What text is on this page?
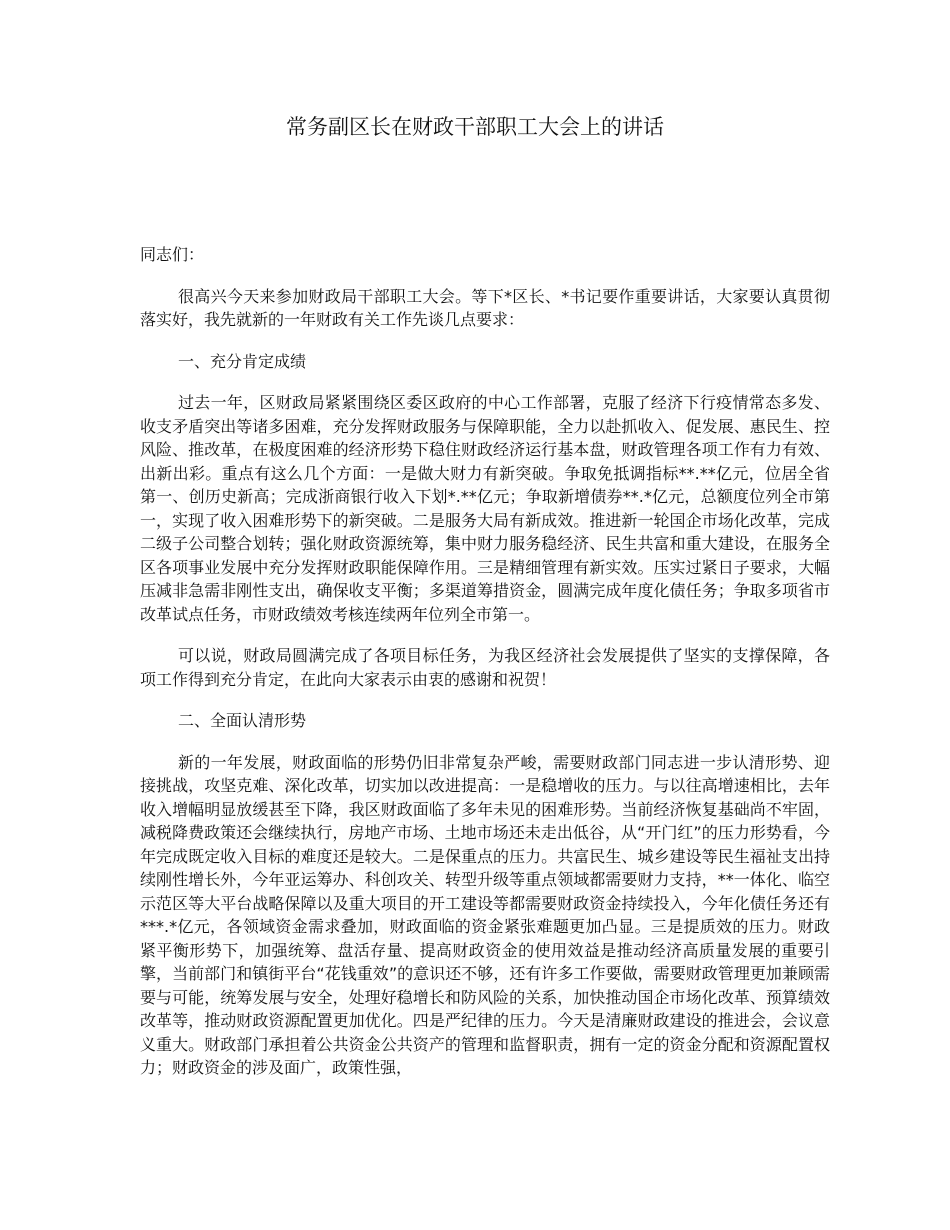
常务副区长在财政干部职工大会上的讲话

同志们：

很高兴今天来参加财政局干部职工大会。等下*区长、*书记要作重要讲话，大家要认真贯彻落实好，我先就新的一年财政有关工作先谈几点要求：

一、充分肯定成绩

过去一年，区财政局紧紧围绕区委区政府的中心工作部署，克服了经济下行疫情常态多发、收支矛盾突出等诸多困难，充分发挥财政服务与保障职能，全力以赴抓收入、促发展、惠民生、控风险、推改革，在极度困难的经济形势下稳住财政经济运行基本盘，财政管理各项工作有力有效、出新出彩。重点有这么几个方面：一是做大财力有新突破。争取免抵调指标**.**亿元，位居全省第一、创历史新高；完成浙商银行收入下划*.**亿元；争取新增债券**.*亿元，总额度位列全市第一，实现了收入困难形势下的新突破。二是服务大局有新成效。推进新一轮国企市场化改革，完成二级子公司整合划转；强化财政资源统筹，集中财力服务稳经济、民生共富和重大建设，在服务全区各项事业发展中充分发挥财政职能保障作用。三是精细管理有新实效。压实过紧日子要求，大幅压减非急需非刚性支出，确保收支平衡；多渠道筹措资金，圆满完成年度化债任务；争取多项省市改革试点任务，市财政绩效考核连续两年位列全市第一。

可以说，财政局圆满完成了各项目标任务，为我区经济社会发展提供了坚实的支撑保障，各项工作得到充分肯定，在此向大家表示由衷的感谢和祝贺！

二、全面认清形势

新的一年发展，财政面临的形势仍旧非常复杂严峻，需要财政部门同志进一步认清形势、迎接挑战，攻坚克难、深化改革，切实加以改进提高：一是稳增收的压力。与以往高增速相比，去年收入增幅明显放缓甚至下降，我区财政面临了多年未见的困难形势。当前经济恢复基础尚不牢固，减税降费政策还会继续执行，房地产市场、土地市场还未走出低谷，从“开门红”的压力形势看，今年完成既定收入目标的难度还是较大。二是保重点的压力。共富民生、城乡建设等民生福祉支出持续刚性增长外，今年亚运筹办、科创攻关、转型升级等重点领域都需要财力支持，**一体化、临空示范区等大平台战略保障以及重大项目的开工建设等都需要财政资金持续投入，今年化债任务还有***.*亿元，各领域资金需求叠加，财政面临的资金紧张难题更加凸显。三是提质效的压力。财政紧平衡形势下，加强统筹、盘活存量、提高财政资金的使用效益是推动经济高质量发展的重要引擎，当前部门和镇街平台“花钱重效”的意识还不够，还有许多工作要做，需要财政管理更加兼顾需要与可能，统筹发展与安全，处理好稳增长和防风险的关系，加快推动国企市场化改革、预算绩效改革等，推动财政资源配置更加优化。四是严纪律的压力。今天是清廉财政建设的推进会，会议意义重大。财政部门承担着公共资金公共资产的管理和监督职责，拥有一定的资金分配和资源配置权力；财政资金的涉及面广，政策性强，
